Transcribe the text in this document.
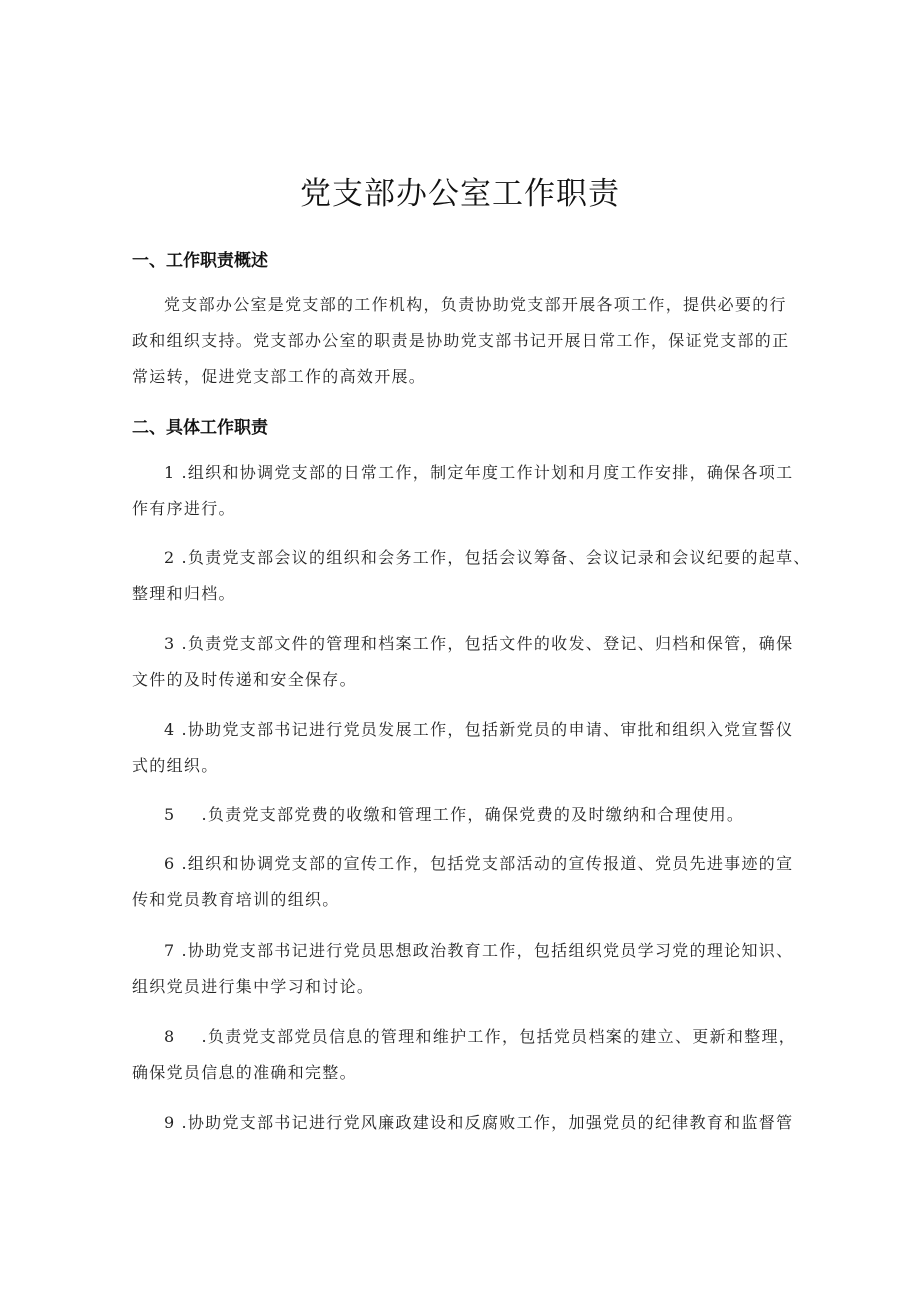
党支部办公室工作职责
一、工作职责概述
党支部办公室是党支部的工作机构，负责协助党支部开展各项工作，提供必要的行
政和组织支持。党支部办公室的职责是协助党支部书记开展日常工作，保证党支部的正
常运转，促进党支部工作的高效开展。
二、具体工作职责
1 .组织和协调党支部的日常工作，制定年度工作计划和月度工作安排，确保各项工
作有序进行。
2 .负责党支部会议的组织和会务工作，包括会议筹备、会议记录和会议纪要的起草、
整理和归档。
3 .负责党支部文件的管理和档案工作，包括文件的收发、登记、归档和保管，确保
文件的及时传递和安全保存。
4 .协助党支部书记进行党员发展工作，包括新党员的申请、审批和组织入党宣誓仪
式的组织。
5 .负责党支部党费的收缴和管理工作，确保党费的及时缴纳和合理使用。
6 .组织和协调党支部的宣传工作，包括党支部活动的宣传报道、党员先进事迹的宣
传和党员教育培训的组织。
7 .协助党支部书记进行党员思想政治教育工作，包括组织党员学习党的理论知识、
组织党员进行集中学习和讨论。
8 .负责党支部党员信息的管理和维护工作，包括党员档案的建立、更新和整理，
确保党员信息的准确和完整。
9 .协助党支部书记进行党风廉政建设和反腐败工作，加强党员的纪律教育和监督管
